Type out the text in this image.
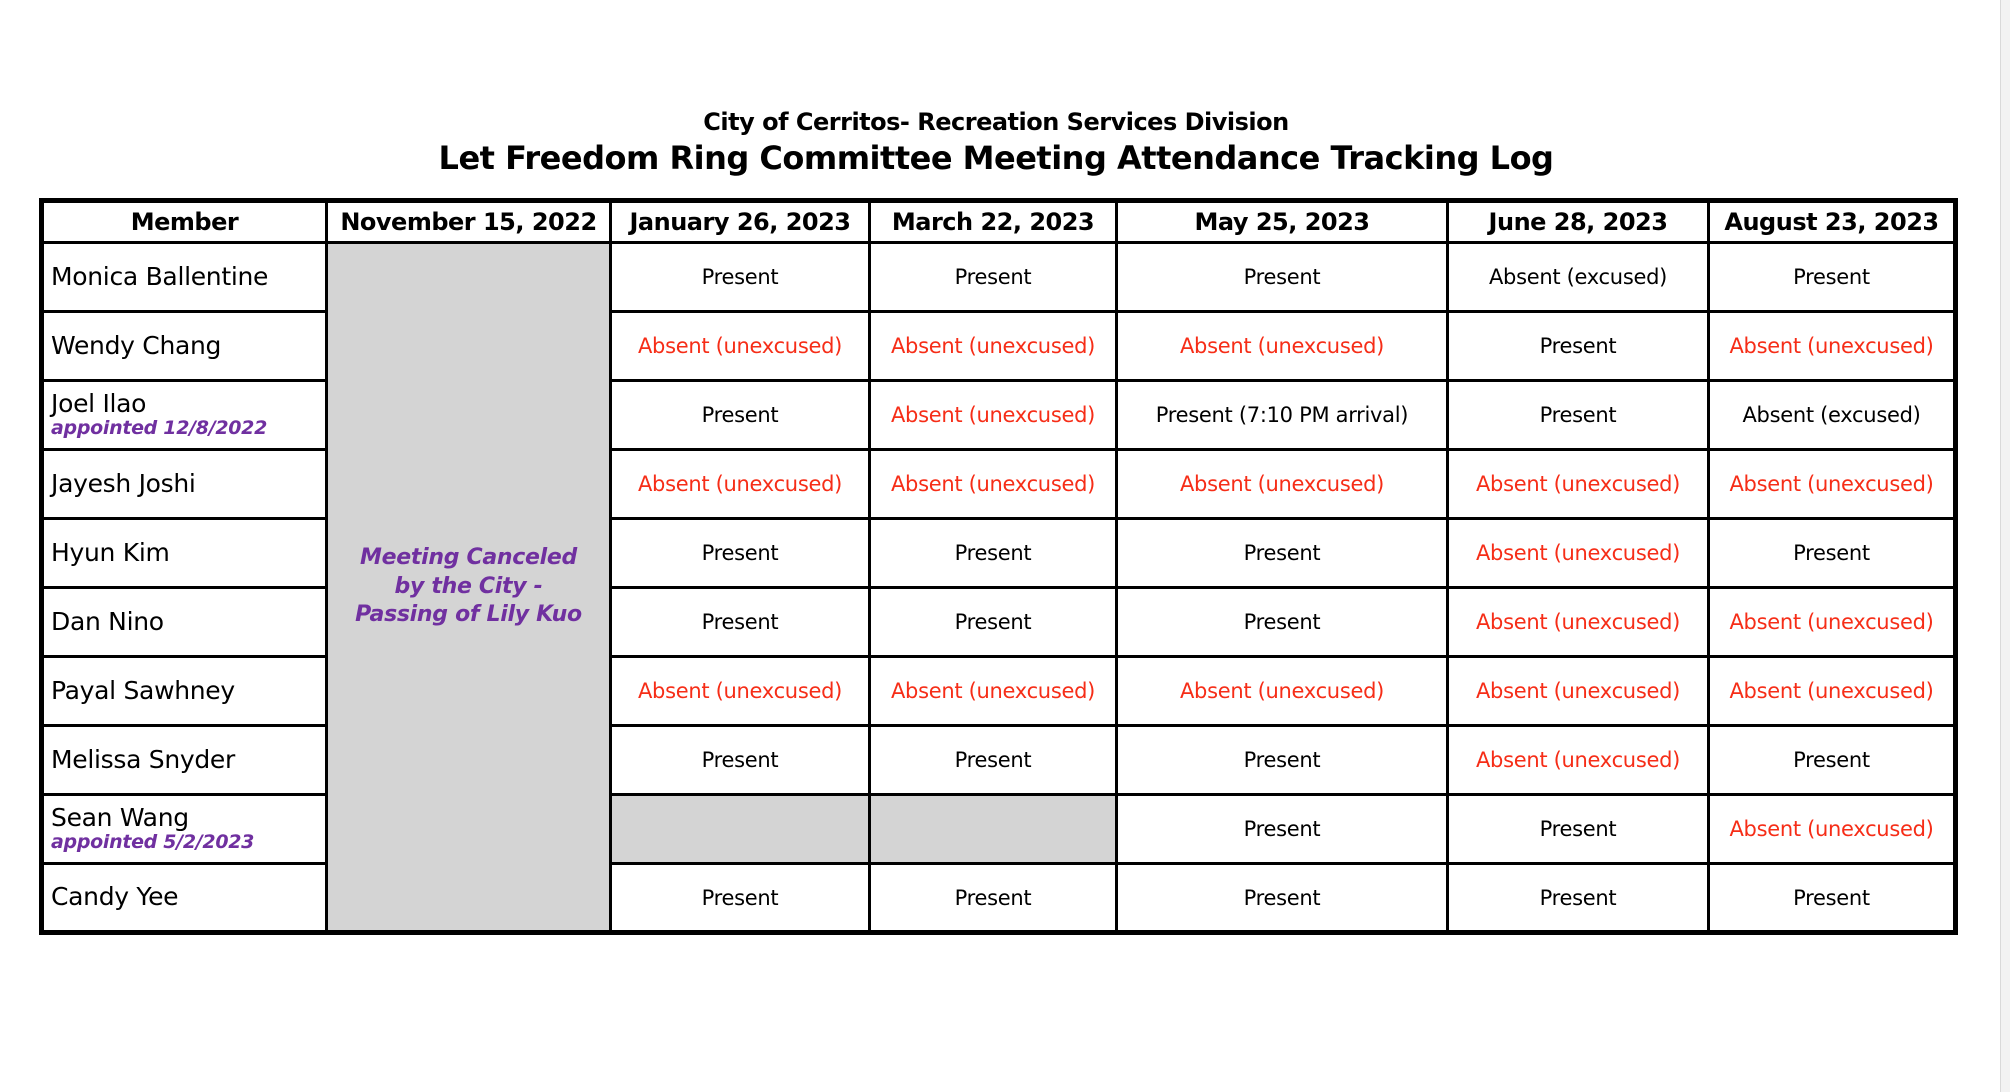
City of Cerritos- Recreation Services Division
Let Freedom Ring Committee Meeting Attendance Tracking Log
Member	November 15, 2022	January 26, 2023	March 22, 2023	May 25, 2023	June 28, 2023	August 23, 2023

Monica Ballentine	Meeting Canceled
by the City -
Passing of Lily Kuo	Present	Present	Present	Absent (excused)	Present

Wendy Chang		Absent (unexcused)	Absent (unexcused)	Absent (unexcused)	Present	Absent (unexcused)

Joel Ilao
appointed 12/8/2022		Present	Absent (unexcused)	Present (7:10 PM arrival)	Present	Absent (excused)

Jayesh Joshi		Absent (unexcused)	Absent (unexcused)	Absent (unexcused)	Absent (unexcused)	Absent (unexcused)

Hyun Kim		Present	Present	Present	Absent (unexcused)	Present

Dan Nino		Present	Present	Present	Absent (unexcused)	Absent (unexcused)

Payal Sawhney		Absent (unexcused)	Absent (unexcused)	Absent (unexcused)	Absent (unexcused)	Absent (unexcused)

Melissa Snyder		Present	Present	Present	Absent (unexcused)	Present

Sean Wang
appointed 5/2/2023				Present	Present	Absent (unexcused)

Candy Yee		Present	Present	Present	Present	Present
